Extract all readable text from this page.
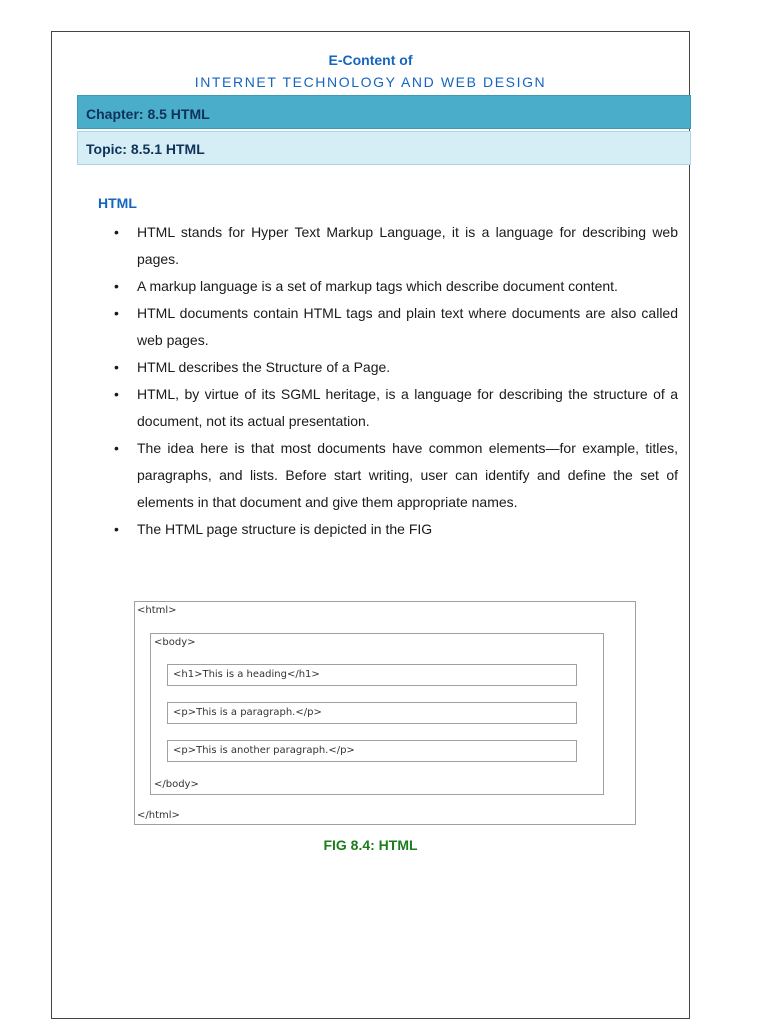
E-Content of
INTERNET TECHNOLOGY AND WEB DESIGN
Chapter: 8.5 HTML
Topic: 8.5.1 HTML
HTML
• HTML stands for Hyper Text Markup Language, it is a language for describing web pages.
• A markup language is a set of markup tags which describe document content.
• HTML documents contain HTML tags and plain text where documents are also called web pages.
• HTML describes the Structure of a Page.
• HTML, by virtue of its SGML heritage, is a language for describing the structure of a document, not its actual presentation.
• The idea here is that most documents have common elements—for example, titles, paragraphs, and lists. Before start writing, user can identify and define the set of elements in that document and give them appropriate names.
• The HTML page structure is depicted in the FIG
<html>
<body>
<h1>This is a heading</h1>
<p>This is a paragraph.</p>
<p>This is another paragraph.</p>
</body>
</html>
FIG 8.4: HTML
